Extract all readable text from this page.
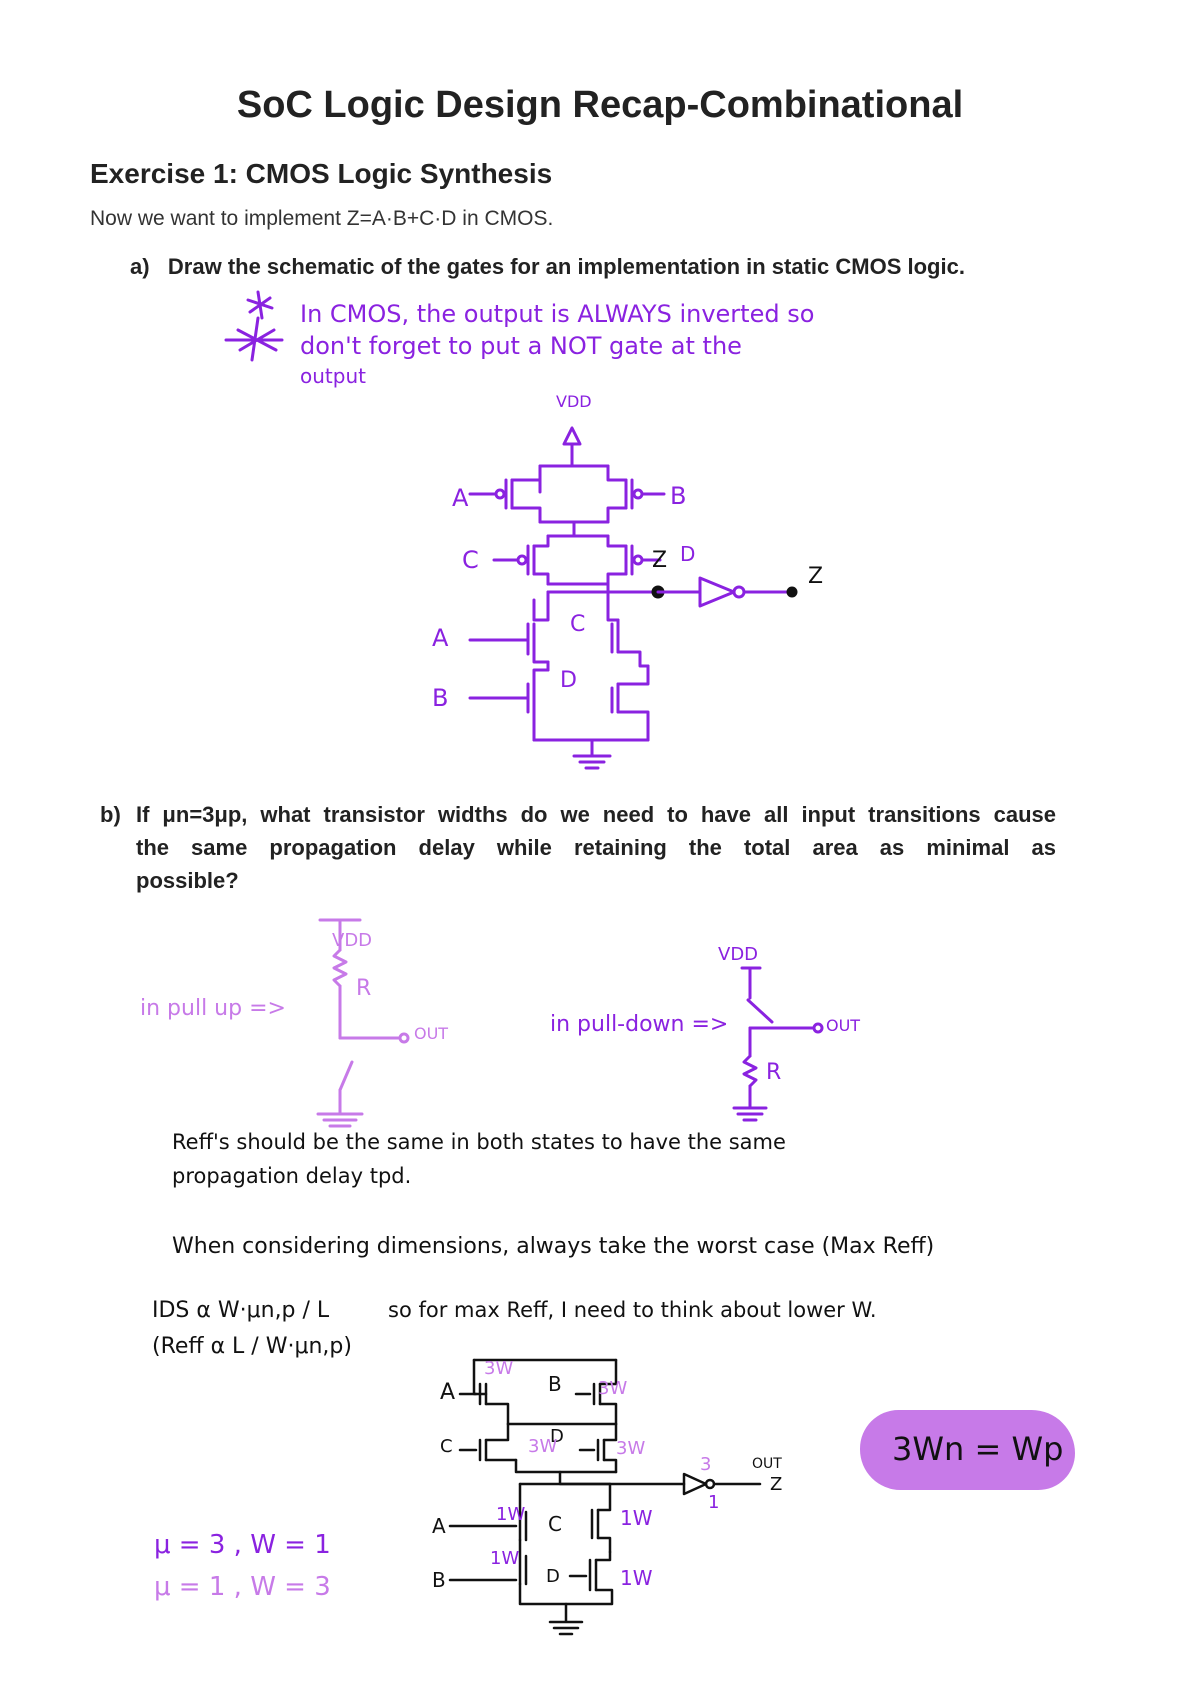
SoC Logic Design Recap-Combinational
Exercise 1: CMOS Logic Synthesis
Now we want to implement Z=A·B+C·D in CMOS.
a) Draw the schematic of the gates for an implementation in static CMOS logic.
b) If μn=3μp, what transistor widths do we need to have all input transitions cause
the same propagation delay while retaining the total area as minimal as
possible?
In CMOS, the output is ALWAYS inverted so
don't forget to put a NOT gate at the
output
VDD
A	B
C	D
Z
Z
A
B
C
D
VDD
in pull up =>
R
OUT
VDD
in pull-down =>	OUT
R
Reff's should be the same in both states to have the same
propagation delay tpd.
When considering dimensions, always take the worst case (Max Reff)
IDS α W·μn,p / L
(Reff α L / W·μn,p)
so for max Reff, I need to think about lower W.
A	B
C	D
3W
3W
3W	3W
3
1
OUT
Z
A
B
C
D
1W
1W
1W
1W
μ = 3 , W = 1
μ = 1 , W = 3
3Wn = Wp
